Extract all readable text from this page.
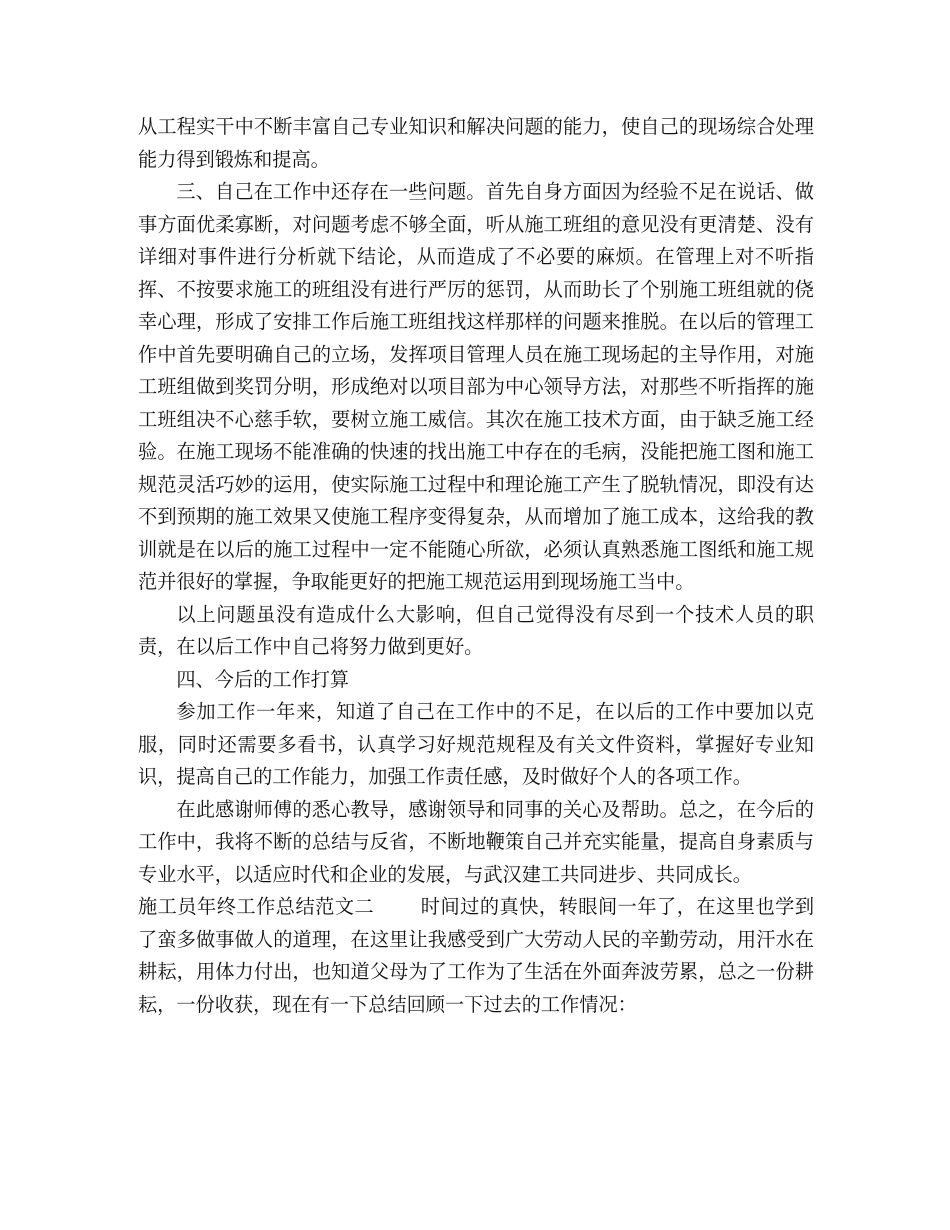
从工程实干中不断丰富自己专业知识和解决问题的能力，使自己的现场综合处理能力得到锻炼和提高。

三、自己在工作中还存在一些问题。首先自身方面因为经验不足在说话、做事方面优柔寡断，对问题考虑不够全面，听从施工班组的意见没有更清楚、没有详细对事件进行分析就下结论，从而造成了不必要的麻烦。在管理上对不听指挥、不按要求施工的班组没有进行严厉的惩罚，从而助长了个别施工班组就的侥幸心理，形成了安排工作后施工班组找这样那样的问题来推脱。在以后的管理工作中首先要明确自己的立场，发挥项目管理人员在施工现场起的主导作用，对施工班组做到奖罚分明，形成绝对以项目部为中心领导方法，对那些不听指挥的施工班组决不心慈手软，要树立施工威信。其次在施工技术方面，由于缺乏施工经验。在施工现场不能准确的快速的找出施工中存在的毛病，没能把施工图和施工规范灵活巧妙的运用，使实际施工过程中和理论施工产生了脱轨情况，即没有达不到预期的施工效果又使施工程序变得复杂，从而增加了施工成本，这给我的教训就是在以后的施工过程中一定不能随心所欲，必须认真熟悉施工图纸和施工规范并很好的掌握，争取能更好的把施工规范运用到现场施工当中。

以上问题虽没有造成什么大影响，但自己觉得没有尽到一个技术人员的职责，在以后工作中自己将努力做到更好。

四、今后的工作打算

参加工作一年来，知道了自己在工作中的不足，在以后的工作中要加以克服，同时还需要多看书，认真学习好规范规程及有关文件资料，掌握好专业知识，提高自己的工作能力，加强工作责任感，及时做好个人的各项工作。

在此感谢师傅的悉心教导，感谢领导和同事的关心及帮助。总之，在今后的工作中，我将不断的总结与反省，不断地鞭策自己并充实能量，提高自身素质与专业水平，以适应时代和企业的发展，与武汉建工共同进步、共同成长。

施工员年终工作总结范文二 时间过的真快，转眼间一年了，在这里也学到了蛮多做事做人的道理，在这里让我感受到广大劳动人民的辛勤劳动，用汗水在耕耘，用体力付出，也知道父母为了工作为了生活在外面奔波劳累，总之一份耕耘，一份收获，现在有一下总结回顾一下过去的工作情况：
